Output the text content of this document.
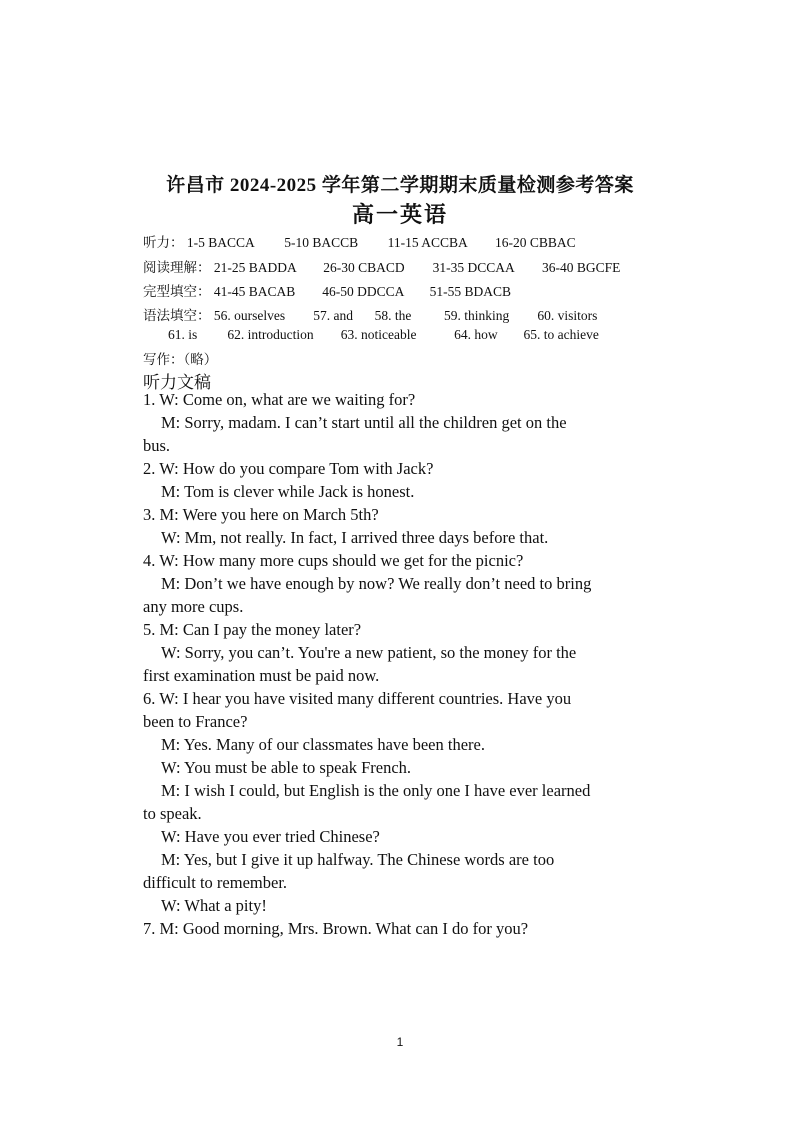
许昌市 2024-2025 学年第二学期期末质量检测参考答案
高一英语
听力： 1-5 BACCA 5-10 BACCB 11-15 ACCBA 16-20 CBBAC
阅读理解： 21-25 BADDA 26-30 CBACD 31-35 DCCAA 36-40 BGCFE
完型填空： 41-45 BACAB 46-50 DDCCA 51-55 BDACB
语法填空： 56. ourselves 57. and 58. the 59. thinking 60. visitors
61. is 62. introduction 63. noticeable	64. how 65. to achieve
写作：（略）
听力文稿
1. W: Come on, what are we waiting for?
M: Sorry, madam. I can’t start until all the children get on the
bus.
2. W: How do you compare Tom with Jack?
M: Tom is clever while Jack is honest.
3. M: Were you here on March 5th?
W: Mm, not really. In fact, I arrived three days before that.
4. W: How many more cups should we get for the picnic?
M: Don’t we have enough by now? We really don’t need to bring
any more cups.
5. M: Can I pay the money later?
W: Sorry, you can’t. You're a new patient, so the money for the
first examination must be paid now.
6. W: I hear you have visited many different countries. Have you
been to France?
M: Yes. Many of our classmates have been there.
W: You must be able to speak French.
M: I wish I could, but English is the only one I have ever learned
to speak.
W: Have you ever tried Chinese?
M: Yes, but I give it up halfway. The Chinese words are too
difficult to remember.
W: What a pity!
7. M: Good morning, Mrs. Brown. What can I do for you?
1
